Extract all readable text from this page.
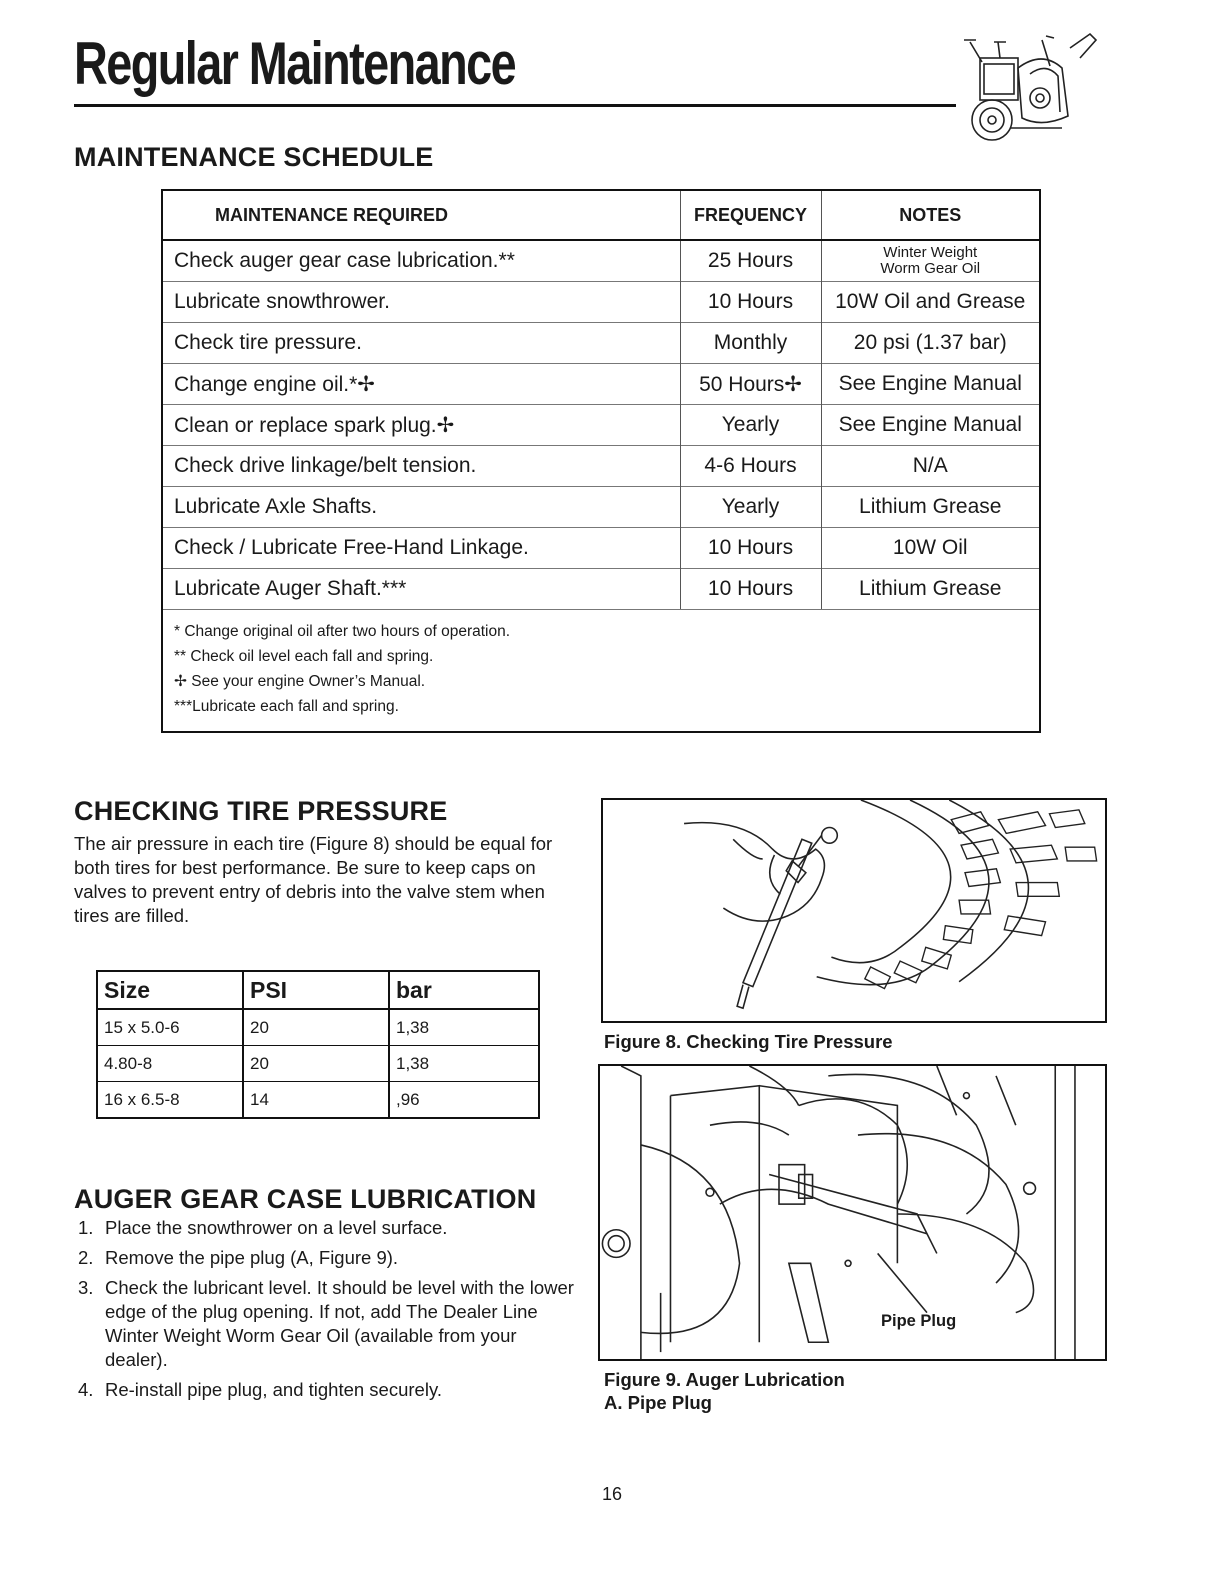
Regular Maintenance
MAINTENANCE SCHEDULE
MAINTENANCE REQUIRED	FREQUENCY	NOTES
Check auger gear case lubrication.**	25 Hours	Winter Weight
Worm Gear Oil

Lubricate snowthrower.	10 Hours	10W Oil and Grease
Check tire pressure.	Monthly	20 psi (1.37 bar)
Change engine oil.*✢	50 Hours✢	See Engine Manual
Clean or replace spark plug.✢	Yearly	See Engine Manual
Check drive linkage/belt tension.	4-6 Hours	N/A
Lubricate Axle Shafts.	Yearly	Lithium Grease
Check / Lubricate Free-Hand Linkage.	10 Hours	10W Oil
Lubricate Auger Shaft.***	10 Hours	Lithium Grease
* Change original oil after two hours of operation.
** Check oil level each fall and spring.
✢ See your engine Owner’s Manual.
***Lubricate each fall and spring.
CHECKING TIRE PRESSURE

The air pressure in each tire (Figure 8) should be equal for both tires for best performance. Be sure to keep caps on valves to prevent entry of debris into the valve stem when tires are filled.

Size	PSI	bar
15 x 5.0-6	20	1,38
4.80-8	20	1,38
16 x 6.5-8	14	,96
AUGER GEAR CASE LUBRICATION
1. Place the snowthrower on a level surface.
2. Remove the pipe plug (A, Figure 9).
3. Check the lubricant level. It should be level with the lower edge of the plug opening. If not, add The Dealer Line Winter Weight Worm Gear Oil (available from your dealer).
4. Re-install pipe plug, and tighten securely.
Figure 8. Checking Tire Pressure
Pipe Plug
Figure 9. Auger Lubrication
A. Pipe Plug
16
